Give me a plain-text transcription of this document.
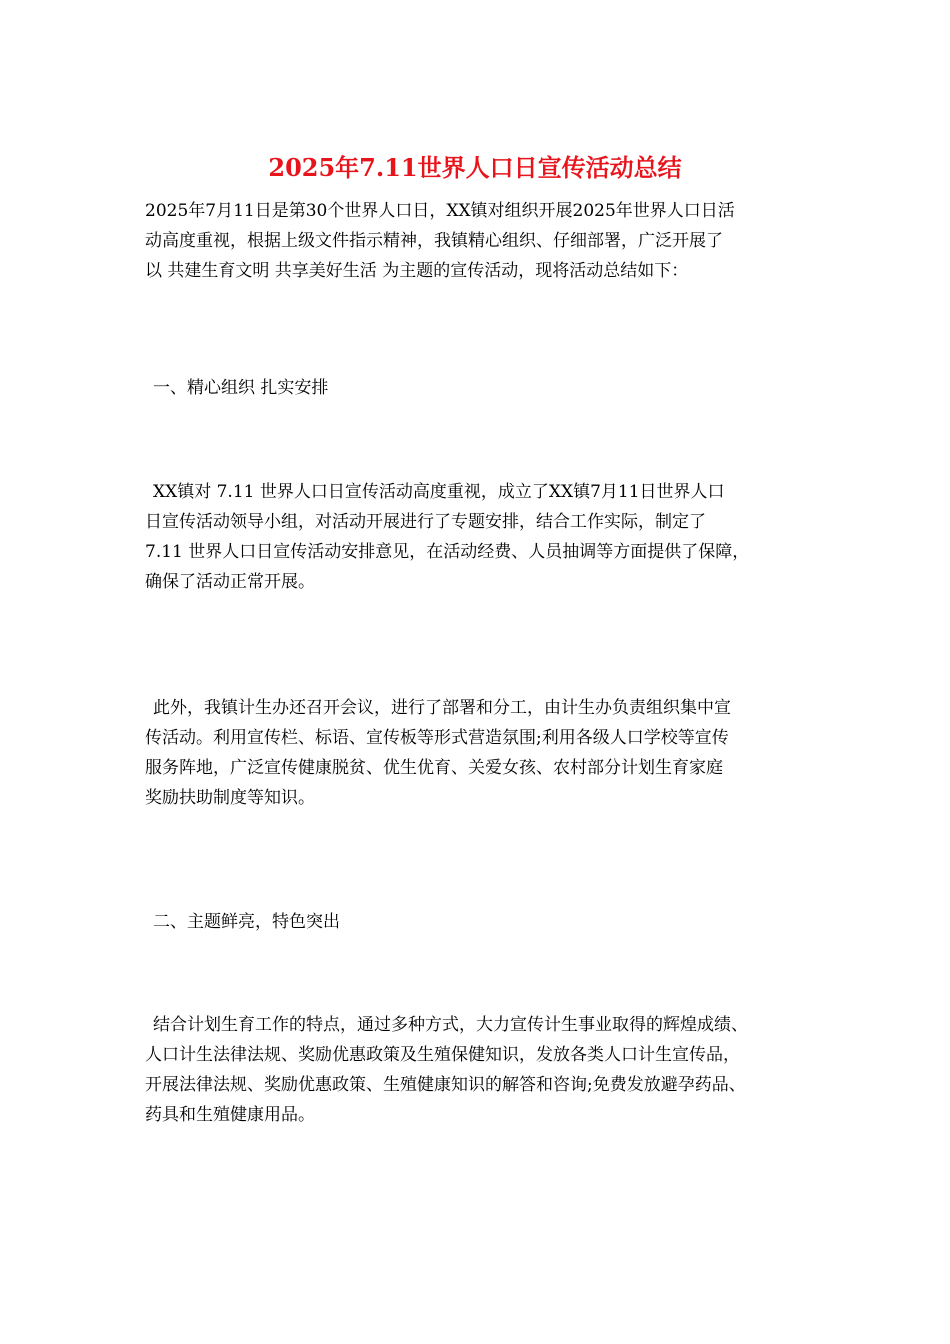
2025年7.11世界人口日宣传活动总结

2025年7月11日是第30个世界人口日，XX镇对组织开展2025年世界人口日活
动高度重视，根据上级文件指示精神，我镇精心组织、仔细部署，广泛开展了
以 共建生育文明 共享美好生活 为主题的宣传活动，现将活动总结如下：

一、精心组织 扎实安排

XX镇对 7.11 世界人口日宣传活动高度重视，成立了XX镇7月11日世界人口
日宣传活动领导小组，对活动开展进行了专题安排，结合工作实际，制定了
7.11 世界人口日宣传活动安排意见，在活动经费、人员抽调等方面提供了保障，
确保了活动正常开展。

此外，我镇计生办还召开会议，进行了部署和分工，由计生办负责组织集中宣
传活动。利用宣传栏、标语、宣传板等形式营造氛围;利用各级人口学校等宣传
服务阵地，广泛宣传健康脱贫、优生优育、关爱女孩、农村部分计划生育家庭
奖励扶助制度等知识。

二、主题鲜亮，特色突出

结合计划生育工作的特点，通过多种方式，大力宣传计生事业取得的辉煌成绩、
人口计生法律法规、奖励优惠政策及生殖保健知识，发放各类人口计生宣传品，
开展法律法规、奖励优惠政策、生殖健康知识的解答和咨询;免费发放避孕药品、
药具和生殖健康用品。
